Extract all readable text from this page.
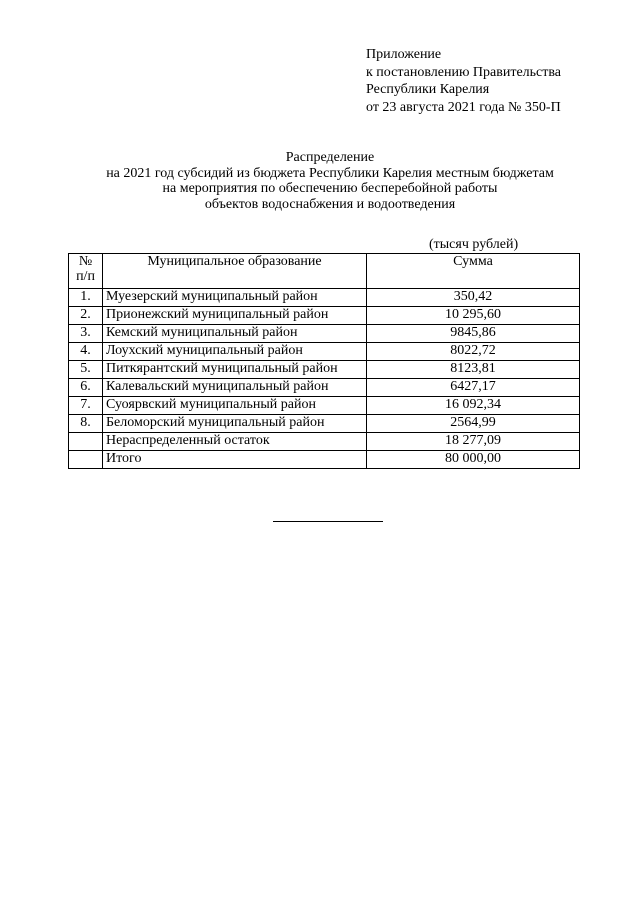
Приложение
к постановлению Правительства
Республики Карелия
от 23 августа 2021 года № 350-П
Распределение
на 2021 год субсидий из бюджета Республики Карелия местным бюджетам
на мероприятия по обеспечению бесперебойной работы
объектов водоснабжения и водоотведения
(тысяч рублей)
№
п/п	Муниципальное образование	Сумма
1.	Муезерский муниципальный район	350,42
2.	Прионежский муниципальный район	10 295,60
3.	Кемский муниципальный район	9845,86
4.	Лоухский муниципальный район	8022,72
5.	Питкярантский муниципальный район	8123,81
6.	Калевальский муниципальный район	6427,17
7.	Суоярвский муниципальный район	16 092,34
8.	Беломорский муниципальный район	2564,99
	Нераспределенный остаток	18 277,09
	Итого	80 000,00
